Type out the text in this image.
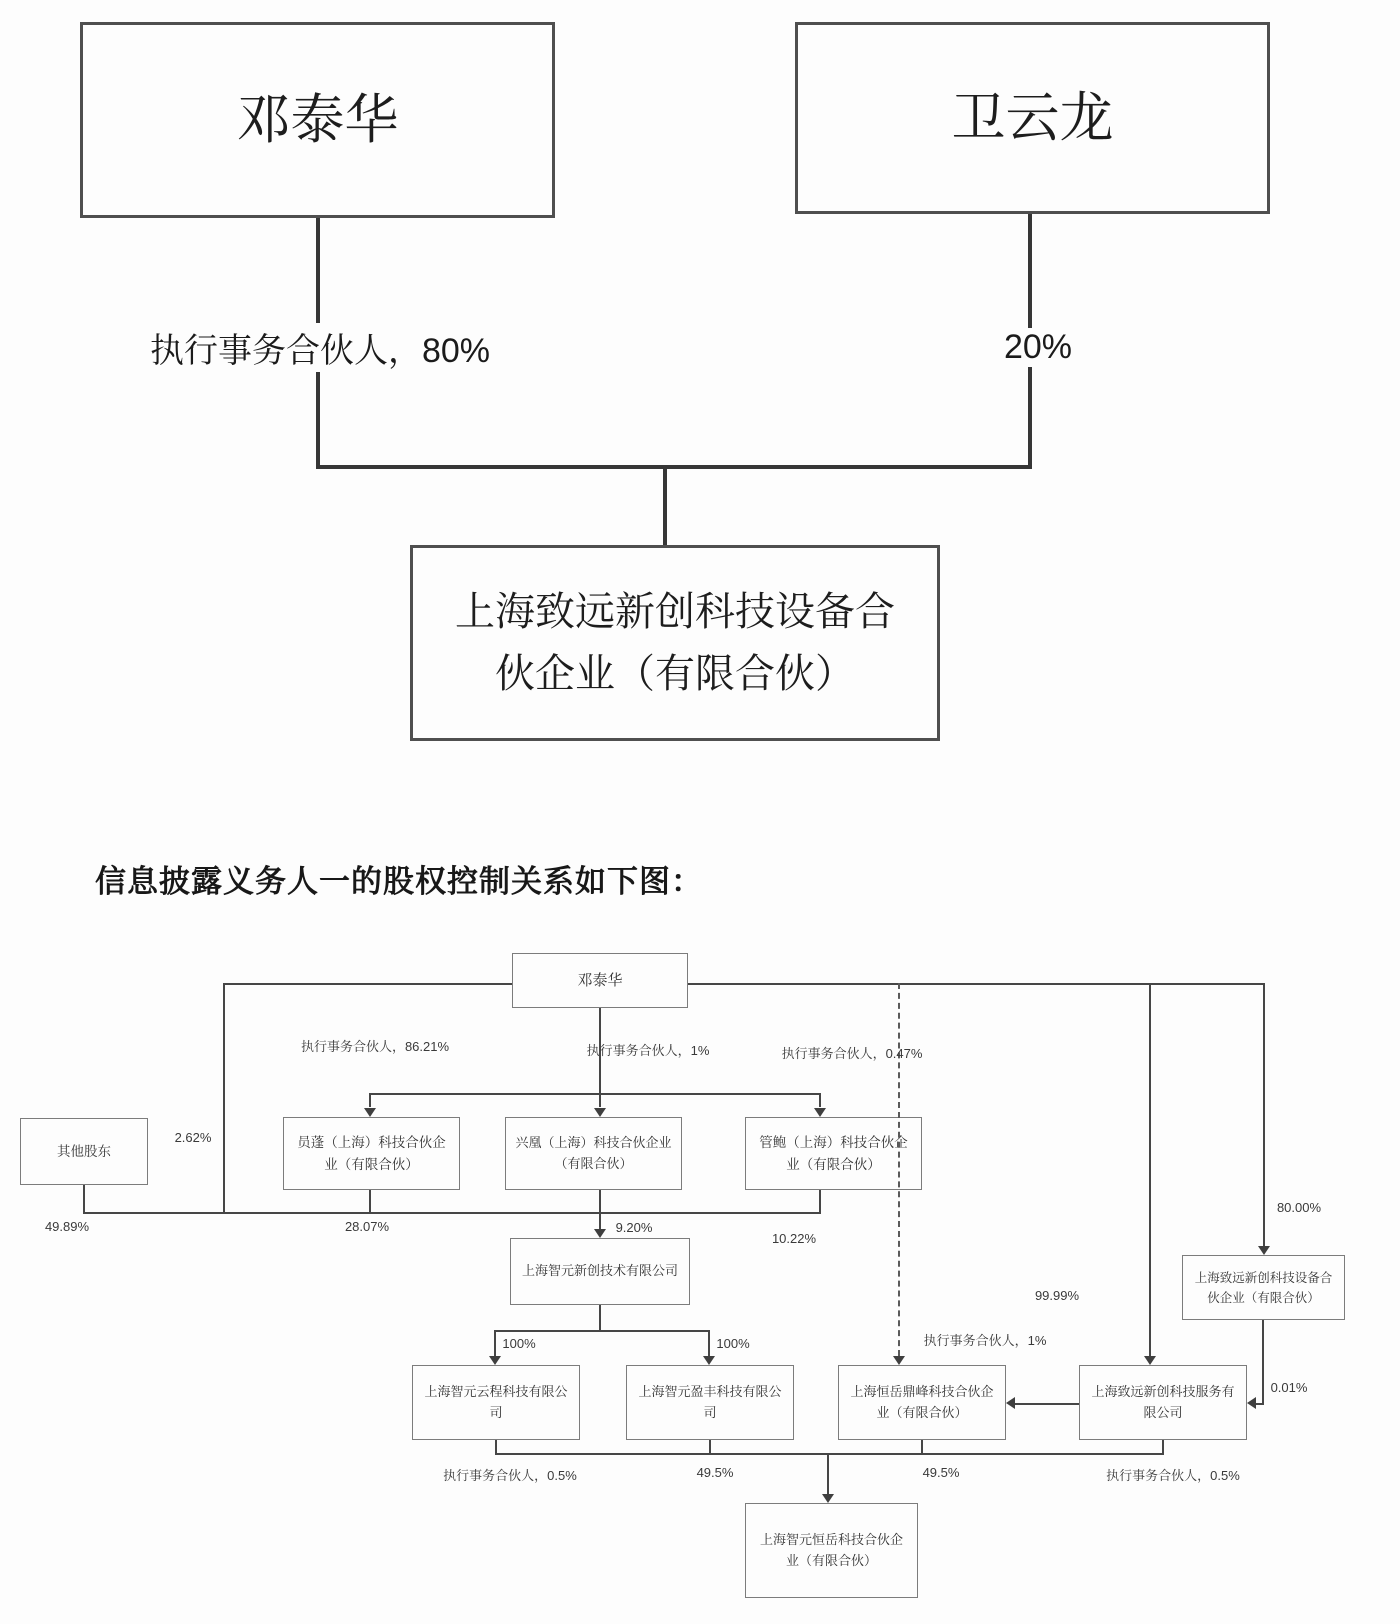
邓泰华	卫云龙
执行事务合伙人，80%	20%
上海致远新创科技设备合伙企业（有限合伙）
信息披露义务人一的股权控制关系如下图：
邓泰华
其他股东
员蓬（上海）科技合伙企业（有限合伙）
兴凰（上海）科技合伙企业（有限合伙）
管鲍（上海）科技合伙企业（有限合伙）
上海智元新创技术有限公司
上海智元云程科技有限公司
上海智元盈丰科技有限公司
上海恒岳鼎峰科技合伙企业（有限合伙）
上海致远新创科技服务有限公司
上海致远新创科技设备合伙企业（有限合伙）
上海智元恒岳科技合伙企业（有限合伙）
执行事务合伙人，86.21%	执行事务合伙人，1%	执行事务合伙人，0.47%
2.62%
49.89%	28.07%	9.20%
10.22%
100%	100%
80.00%
99.99%
0.01%
执行事务合伙人，1%
执行事务合伙人，0.5%	49.5%	49.5%	执行事务合伙人，0.5%
